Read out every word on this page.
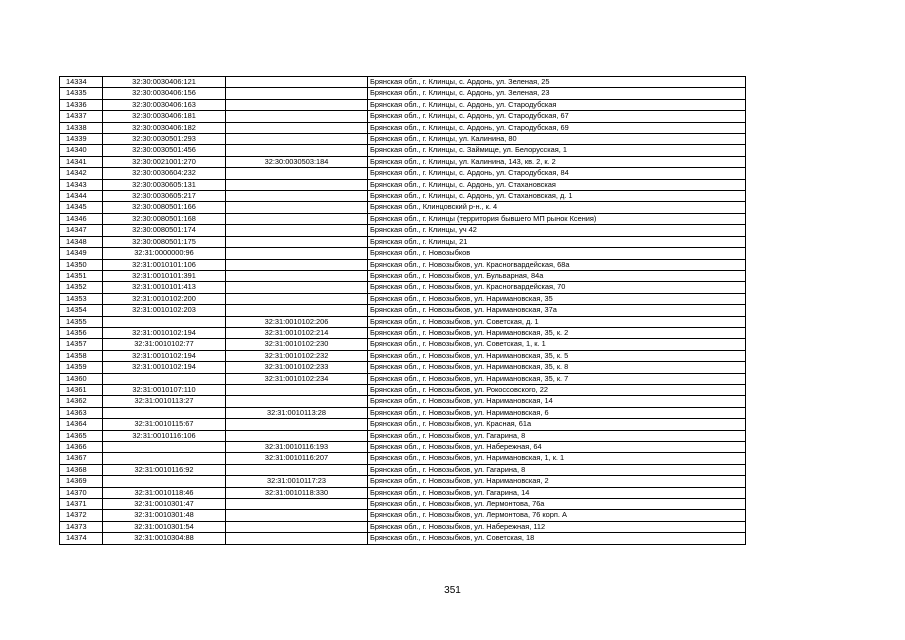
14334	32:30:0030406:121		Брянская обл., г. Клинцы, с. Ардонь, ул. Зеленая, 25
14335	32:30:0030406:156		Брянская обл., г. Клинцы, с. Ардонь, ул. Зеленая, 23
14336	32:30:0030406:163		Брянская обл., г. Клинцы, с. Ардонь, ул. Стародубская
14337	32:30:0030406:181		Брянская обл., г. Клинцы, с. Ардонь, ул. Стародубская, 67
14338	32:30:0030406:182		Брянская обл., г. Клинцы, с. Ардонь, ул. Стародубская, 69
14339	32:30:0030501:293		Брянская обл., г. Клинцы, ул. Калинина, 80
14340	32:30:0030501:456		Брянская обл., г. Клинцы, с. Займище, ул. Белорусская, 1
14341	32:30:0021001:270	32:30:0030503:184	Брянская обл., г. Клинцы, ул. Калинина, 143, кв. 2, к. 2
14342	32:30:0030604:232		Брянская обл., г. Клинцы, с. Ардонь, ул. Стародубская, 84
14343	32:30:0030605:131		Брянская обл., г. Клинцы, с. Ардонь, ул. Стахановская
14344	32:30:0030605:217		Брянская обл., г. Клинцы, с. Ардонь, ул. Стахановская, д. 1
14345	32:30:0080501:166		Брянская обл., Клинцовский р-н., к. 4
14346	32:30:0080501:168		Брянская обл., г. Клинцы (территория бывшего МП рынок Ксения)
14347	32:30:0080501:174		Брянская обл., г. Клинцы, уч 42
14348	32:30:0080501:175		Брянская обл., г. Клинцы, 21
14349	32:31:0000000:96		Брянская обл., г. Новозыбков
14350	32:31:0010101:106		Брянская обл., г. Новозыбков, ул. Красногвардейская, 68а
14351	32:31:0010101:391		Брянская обл., г. Новозыбков, ул. Бульварная, 84а
14352	32:31:0010101:413		Брянская обл., г. Новозыбков, ул. Красногвардейская, 70
14353	32:31:0010102:200		Брянская обл., г. Новозыбков, ул. Наримановская, 35
14354	32:31:0010102:203		Брянская обл., г. Новозыбков, ул. Наримановская, 37а
14355		32:31:0010102:206	Брянская обл., г. Новозыбков, ул. Советская, д. 1
14356	32:31:0010102:194	32:31:0010102:214	Брянская обл., г. Новозыбков, ул. Наримановская, 35, к. 2
14357	32:31:0010102:77	32:31:0010102:230	Брянская обл., г. Новозыбков, ул. Советская, 1, к. 1
14358	32:31:0010102:194	32:31:0010102:232	Брянская обл., г. Новозыбков, ул. Наримановская, 35, к. 5
14359	32:31:0010102:194	32:31:0010102:233	Брянская обл., г. Новозыбков, ул. Наримановская, 35, к. 8
14360		32:31:0010102:234	Брянская обл., г. Новозыбков, ул. Наримановская, 35, к. 7
14361	32:31:0010107:110		Брянская обл., г. Новозыбков, ул. Рокоссовского, 22
14362	32:31:0010113:27		Брянская обл., г. Новозыбков, ул. Наримановская, 14
14363		32:31:0010113:28	Брянская обл., г. Новозыбков, ул. Наримановская, 6
14364	32:31:0010115:67		Брянская обл., г. Новозыбков, ул. Красная, 61а
14365	32:31:0010116:106		Брянская обл., г. Новозыбков, ул. Гагарина, 8
14366		32:31:0010116:193	Брянская обл., г. Новозыбков, ул. Набережная, 64
14367		32:31:0010116:207	Брянская обл., г. Новозыбков, ул. Наримановская, 1, к. 1
14368	32:31:0010116:92		Брянская обл., г. Новозыбков, ул. Гагарина, 8
14369		32:31:0010117:23	Брянская обл., г. Новозыбков, ул. Наримановская, 2
14370	32:31:0010118:46	32:31:0010118:330	Брянская обл., г. Новозыбков, ул. Гагарина, 14
14371	32:31:0010301:47		Брянская обл., г. Новозыбков, ул. Лермонтова, 76а
14372	32:31:0010301:48		Брянская обл., г. Новозыбков, ул. Лермонтова, 76 корп. А
14373	32:31:0010301:54		Брянская обл., г. Новозыбков, ул. Набережная, 112
14374	32:31:0010304:88		Брянская обл., г. Новозыбков, ул. Советская, 18
351
